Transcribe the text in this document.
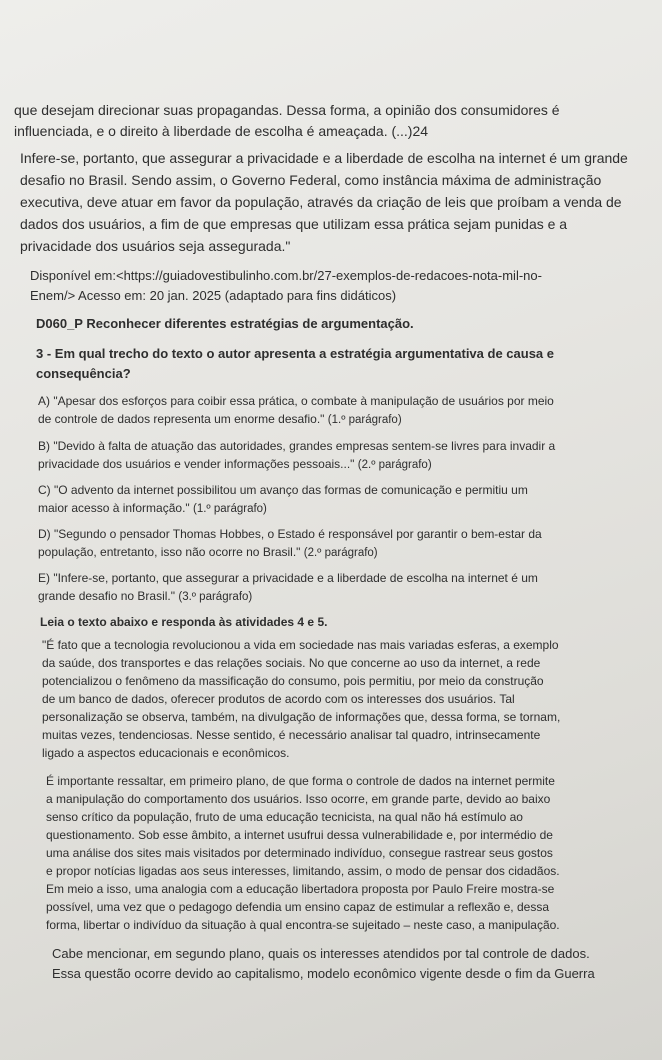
que desejam direcionar suas propagandas. Dessa forma, a opinião dos consumidores é
influenciada, e o direito à liberdade de escolha é ameaçada. (...)24
Infere-se, portanto, que assegurar a privacidade e a liberdade de escolha na internet é um grande
desafio no Brasil. Sendo assim, o Governo Federal, como instância máxima de administração
executiva, deve atuar em favor da população, através da criação de leis que proíbam a venda de
dados dos usuários, a fim de que empresas que utilizam essa prática sejam punidas e a
privacidade dos usuários seja assegurada."
Disponível em:<https://guiadovestibulinho.com.br/27-exemplos-de-redacoes-nota-mil-no-
Enem/> Acesso em: 20 jan. 2025 (adaptado para fins didáticos)
D060_P Reconhecer diferentes estratégias de argumentação.
3 - Em qual trecho do texto o autor apresenta a estratégia argumentativa de causa e
consequência?
A) "Apesar dos esforços para coibir essa prática, o combate à manipulação de usuários por meio
de controle de dados representa um enorme desafio." (1.º parágrafo)
B) "Devido à falta de atuação das autoridades, grandes empresas sentem-se livres para invadir a
privacidade dos usuários e vender informações pessoais..." (2.º parágrafo)
C) "O advento da internet possibilitou um avanço das formas de comunicação e permitiu um
maior acesso à informação." (1.º parágrafo)
D) "Segundo o pensador Thomas Hobbes, o Estado é responsável por garantir o bem-estar da
população, entretanto, isso não ocorre no Brasil." (2.º parágrafo)
E) "Infere-se, portanto, que assegurar a privacidade e a liberdade de escolha na internet é um
grande desafio no Brasil." (3.º parágrafo)
Leia o texto abaixo e responda às atividades 4 e 5.
"É fato que a tecnologia revolucionou a vida em sociedade nas mais variadas esferas, a exemplo
da saúde, dos transportes e das relações sociais. No que concerne ao uso da internet, a rede
potencializou o fenômeno da massificação do consumo, pois permitiu, por meio da construção
de um banco de dados, oferecer produtos de acordo com os interesses dos usuários. Tal
personalização se observa, também, na divulgação de informações que, dessa forma, se tornam,
muitas vezes, tendenciosas. Nesse sentido, é necessário analisar tal quadro, intrinsecamente
ligado a aspectos educacionais e econômicos.
É importante ressaltar, em primeiro plano, de que forma o controle de dados na internet permite
a manipulação do comportamento dos usuários. Isso ocorre, em grande parte, devido ao baixo
senso crítico da população, fruto de uma educação tecnicista, na qual não há estímulo ao
questionamento. Sob esse âmbito, a internet usufrui dessa vulnerabilidade e, por intermédio de
uma análise dos sites mais visitados por determinado indivíduo, consegue rastrear seus gostos
e propor notícias ligadas aos seus interesses, limitando, assim, o modo de pensar dos cidadãos.
Em meio a isso, uma analogia com a educação libertadora proposta por Paulo Freire mostra-se
possível, uma vez que o pedagogo defendia um ensino capaz de estimular a reflexão e, dessa
forma, libertar o indivíduo da situação à qual encontra-se sujeitado – neste caso, a manipulação.
Cabe mencionar, em segundo plano, quais os interesses atendidos por tal controle de dados.
Essa questão ocorre devido ao capitalismo, modelo econômico vigente desde o fim da Guerra
